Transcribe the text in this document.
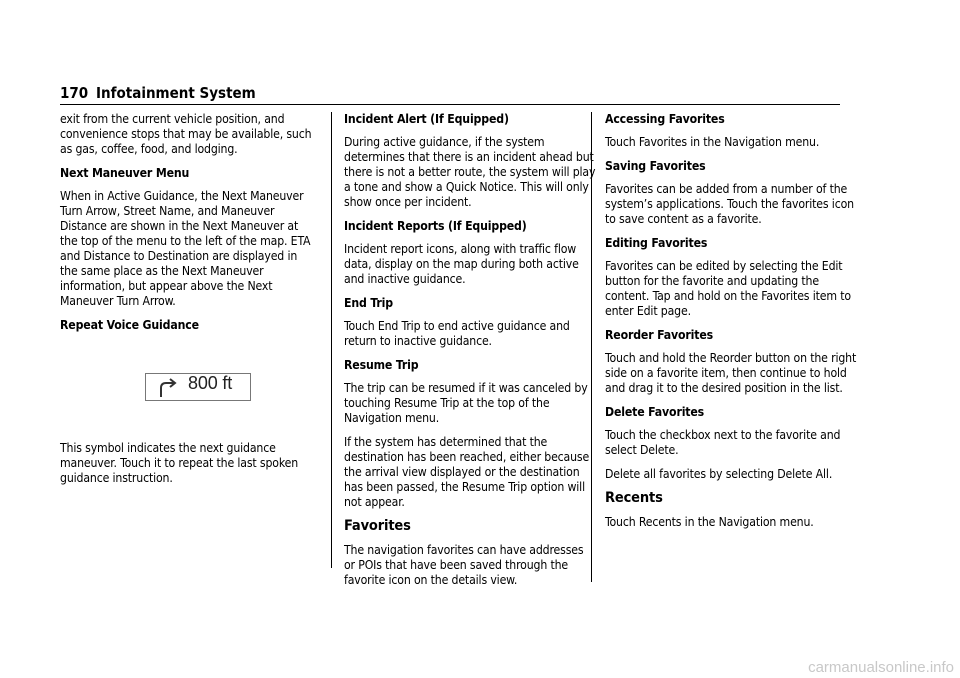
170 Infotainment System

exit from the current vehicle position, and convenience stops that may be available, such as gas, coffee, food, and lodging.

Next Maneuver Menu

When in Active Guidance, the Next Maneuver Turn Arrow, Street Name, and Maneuver Distance are shown in the Next Maneuver at the top of the menu to the left of the map. ETA and Distance to Destination are displayed in the same place as the Next Maneuver information, but appear above the Next Maneuver Turn Arrow.

Repeat Voice Guidance

800 ft

This symbol indicates the next guidance maneuver. Touch it to repeat the last spoken guidance instruction.

Incident Alert (If Equipped)

During active guidance, if the system determines that there is an incident ahead but there is not a better route, the system will play a tone and show a Quick Notice. This will only show once per incident.

Incident Reports (If Equipped)

Incident report icons, along with traffic flow data, display on the map during both active and inactive guidance.

End Trip

Touch End Trip to end active guidance and return to inactive guidance.

Resume Trip

The trip can be resumed if it was canceled by touching Resume Trip at the top of the Navigation menu.

If the system has determined that the destination has been reached, either because the arrival view displayed or the destination has been passed, the Resume Trip option will not appear.

Favorites

The navigation favorites can have addresses or POIs that have been saved through the favorite icon on the details view.

Accessing Favorites

Touch Favorites in the Navigation menu.

Saving Favorites

Favorites can be added from a number of the system’s applications. Touch the favorites icon to save content as a favorite.

Editing Favorites

Favorites can be edited by selecting the Edit button for the favorite and updating the content. Tap and hold on the Favorites item to enter Edit page.

Reorder Favorites

Touch and hold the Reorder button on the right side on a favorite item, then continue to hold and drag it to the desired position in the list.

Delete Favorites

Touch the checkbox next to the favorite and select Delete.

Delete all favorites by selecting Delete All.

Recents

Touch Recents in the Navigation menu.

carmanualsonline.info
